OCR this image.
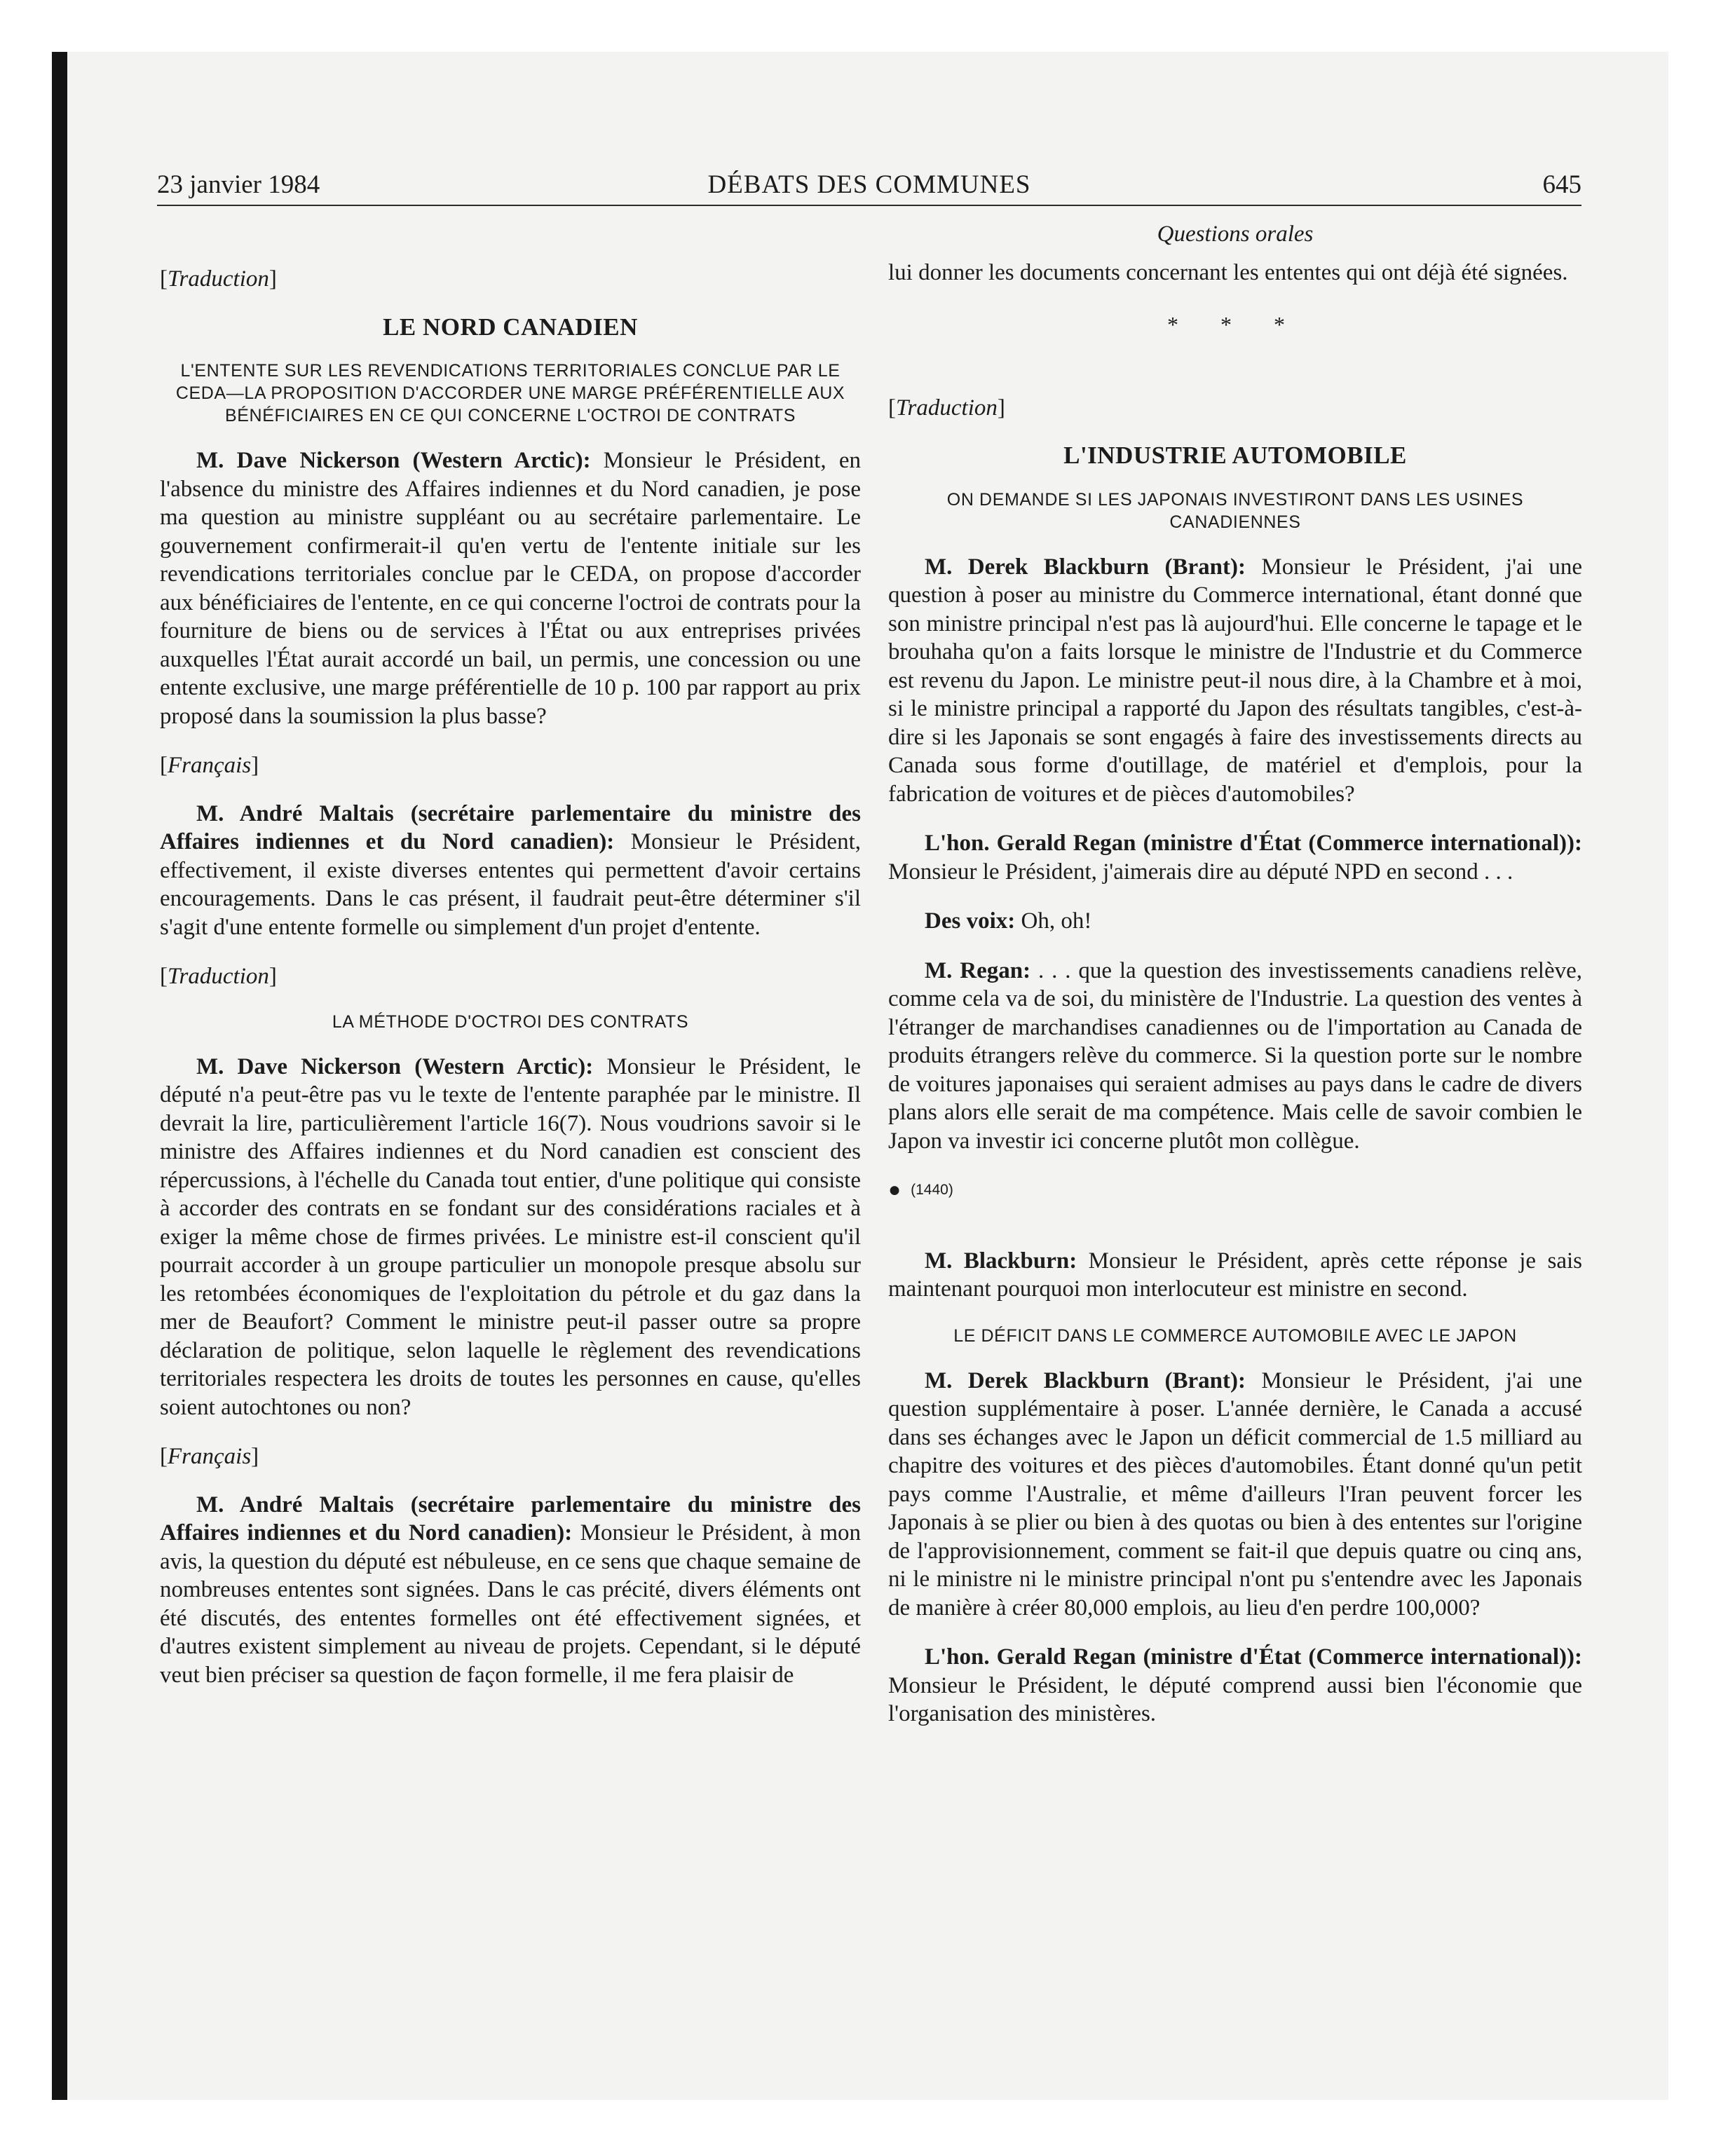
23 janvier 1984	DÉBATS DES COMMUNES	645
[Traduction]
LE NORD CANADIEN
L'ENTENTE SUR LES REVENDICATIONS TERRITORIALES CONCLUE PAR LE CEDA—LA PROPOSITION D'ACCORDER UNE MARGE PRÉFÉRENTIELLE AUX BÉNÉFICIAIRES EN CE QUI CONCERNE L'OCTROI DE CONTRATS

M. Dave Nickerson (Western Arctic): Monsieur le Président, en l'absence du ministre des Affaires indiennes et du Nord canadien, je pose ma question au ministre suppléant ou au secrétaire parlementaire. Le gouvernement confirmerait-il qu'en vertu de l'entente initiale sur les revendications territoriales conclue par le CEDA, on propose d'accorder aux bénéficiaires de l'entente, en ce qui concerne l'octroi de contrats pour la fourniture de biens ou de services à l'État ou aux entreprises privées auxquelles l'État aurait accordé un bail, un permis, une concession ou une entente exclusive, une marge préférentielle de 10 p. 100 par rapport au prix proposé dans la soumission la plus basse?

[Français]

M. André Maltais (secrétaire parlementaire du ministre des Affaires indiennes et du Nord canadien): Monsieur le Président, effectivement, il existe diverses ententes qui permettent d'avoir certains encouragements. Dans le cas présent, il faudrait peut-être déterminer s'il s'agit d'une entente formelle ou simplement d'un projet d'entente.

[Traduction]
LA MÉTHODE D'OCTROI DES CONTRATS

M. Dave Nickerson (Western Arctic): Monsieur le Président, le député n'a peut-être pas vu le texte de l'entente paraphée par le ministre. Il devrait la lire, particulièrement l'article 16(7). Nous voudrions savoir si le ministre des Affaires indiennes et du Nord canadien est conscient des répercussions, à l'échelle du Canada tout entier, d'une politique qui consiste à accorder des contrats en se fondant sur des considérations raciales et à exiger la même chose de firmes privées. Le ministre est-il conscient qu'il pourrait accorder à un groupe particulier un monopole presque absolu sur les retombées économiques de l'exploitation du pétrole et du gaz dans la mer de Beaufort? Comment le ministre peut-il passer outre sa propre déclaration de politique, selon laquelle le règlement des revendications territoriales respectera les droits de toutes les personnes en cause, qu'elles soient autochtones ou non?

[Français]

M. André Maltais (secrétaire parlementaire du ministre des Affaires indiennes et du Nord canadien): Monsieur le Président, à mon avis, la question du député est nébuleuse, en ce sens que chaque semaine de nombreuses ententes sont signées. Dans le cas précité, divers éléments ont été discutés, des ententes formelles ont été effectivement signées, et d'autres existent simplement au niveau de projets. Cependant, si le député veut bien préciser sa question de façon formelle, il me fera plaisir de

Questions orales

lui donner les documents concernant les ententes qui ont déjà été signées.

* * *
[Traduction]
L'INDUSTRIE AUTOMOBILE
ON DEMANDE SI LES JAPONAIS INVESTIRONT DANS LES USINES CANADIENNES

M. Derek Blackburn (Brant): Monsieur le Président, j'ai une question à poser au ministre du Commerce international, étant donné que son ministre principal n'est pas là aujourd'hui. Elle concerne le tapage et le brouhaha qu'on a faits lorsque le ministre de l'Industrie et du Commerce est revenu du Japon. Le ministre peut-il nous dire, à la Chambre et à moi, si le ministre principal a rapporté du Japon des résultats tangibles, c'est-à-dire si les Japonais se sont engagés à faire des investissements directs au Canada sous forme d'outillage, de matériel et d'emplois, pour la fabrication de voitures et de pièces d'automobiles?

L'hon. Gerald Regan (ministre d'État (Commerce international)): Monsieur le Président, j'aimerais dire au député NPD en second . . .

Des voix: Oh, oh!

M. Regan: . . . que la question des investissements canadiens relève, comme cela va de soi, du ministère de l'Industrie. La question des ventes à l'étranger de marchandises canadiennes ou de l'importation au Canada de produits étrangers relève du commerce. Si la question porte sur le nombre de voitures japonaises qui seraient admises au pays dans le cadre de divers plans alors elle serait de ma compétence. Mais celle de savoir combien le Japon va investir ici concerne plutôt mon collègue.

● (1440)

M. Blackburn: Monsieur le Président, après cette réponse je sais maintenant pourquoi mon interlocuteur est ministre en second.

LE DÉFICIT DANS LE COMMERCE AUTOMOBILE AVEC LE JAPON

M. Derek Blackburn (Brant): Monsieur le Président, j'ai une question supplémentaire à poser. L'année dernière, le Canada a accusé dans ses échanges avec le Japon un déficit commercial de 1.5 milliard au chapitre des voitures et des pièces d'automobiles. Étant donné qu'un petit pays comme l'Australie, et même d'ailleurs l'Iran peuvent forcer les Japonais à se plier ou bien à des quotas ou bien à des ententes sur l'origine de l'approvisionnement, comment se fait-il que depuis quatre ou cinq ans, ni le ministre ni le ministre principal n'ont pu s'entendre avec les Japonais de manière à créer 80,000 emplois, au lieu d'en perdre 100,000?

L'hon. Gerald Regan (ministre d'État (Commerce international)): Monsieur le Président, le député comprend aussi bien l'économie que l'organisation des ministères.
